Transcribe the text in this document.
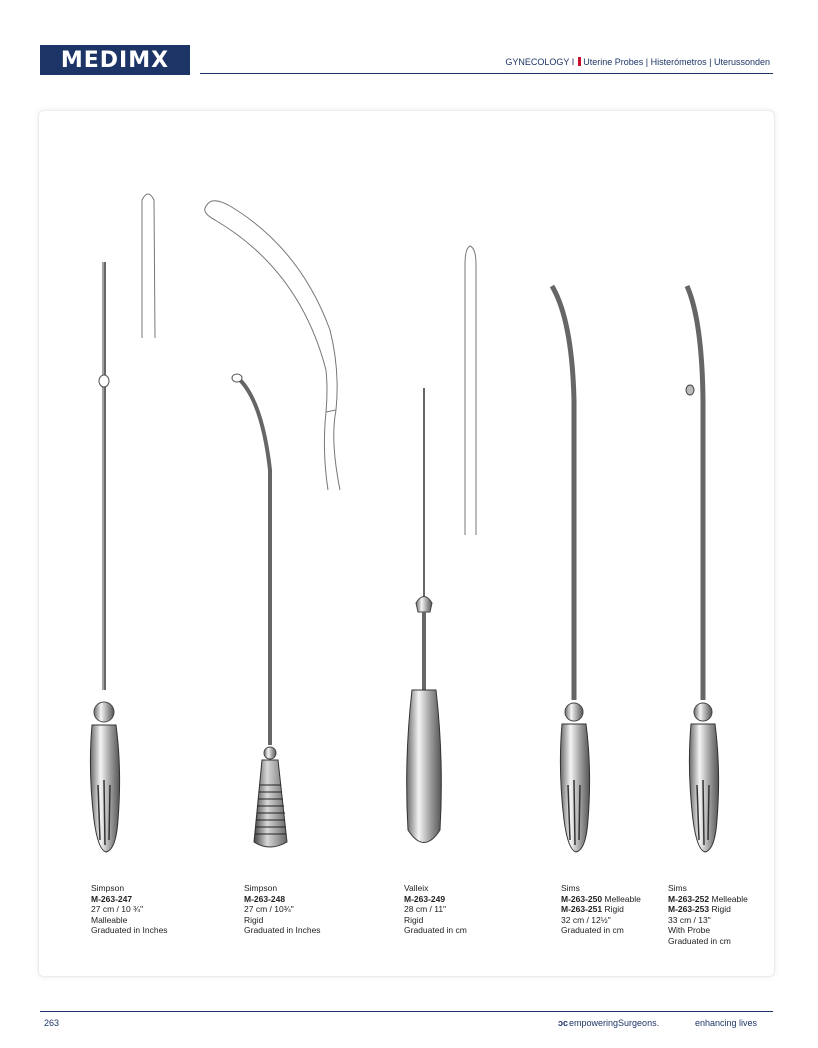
MEDIMX	GYNECOLOGY I Uterine Probes | Histerómetros | Uterussonden
Simpson
M-263-247
27 cm / 10 ¾"
Malleable
Graduated in Inches
Simpson
M-263-248
27 cm / 10¾"
Rigid
Graduated in Inches
Valleix
M-263-249
28 cm / 11"
Rigid
Graduated in cm
Sims
M-263-250 Melleable
M-263-251 Rigid
32 cm / 12½"
Graduated in cm
Sims
M-263-252 Melleable
M-263-253 Rigid
33 cm / 13"
With Probe
Graduated in cm
263	ↄcempoweringSurgeons.	enhancing lives
